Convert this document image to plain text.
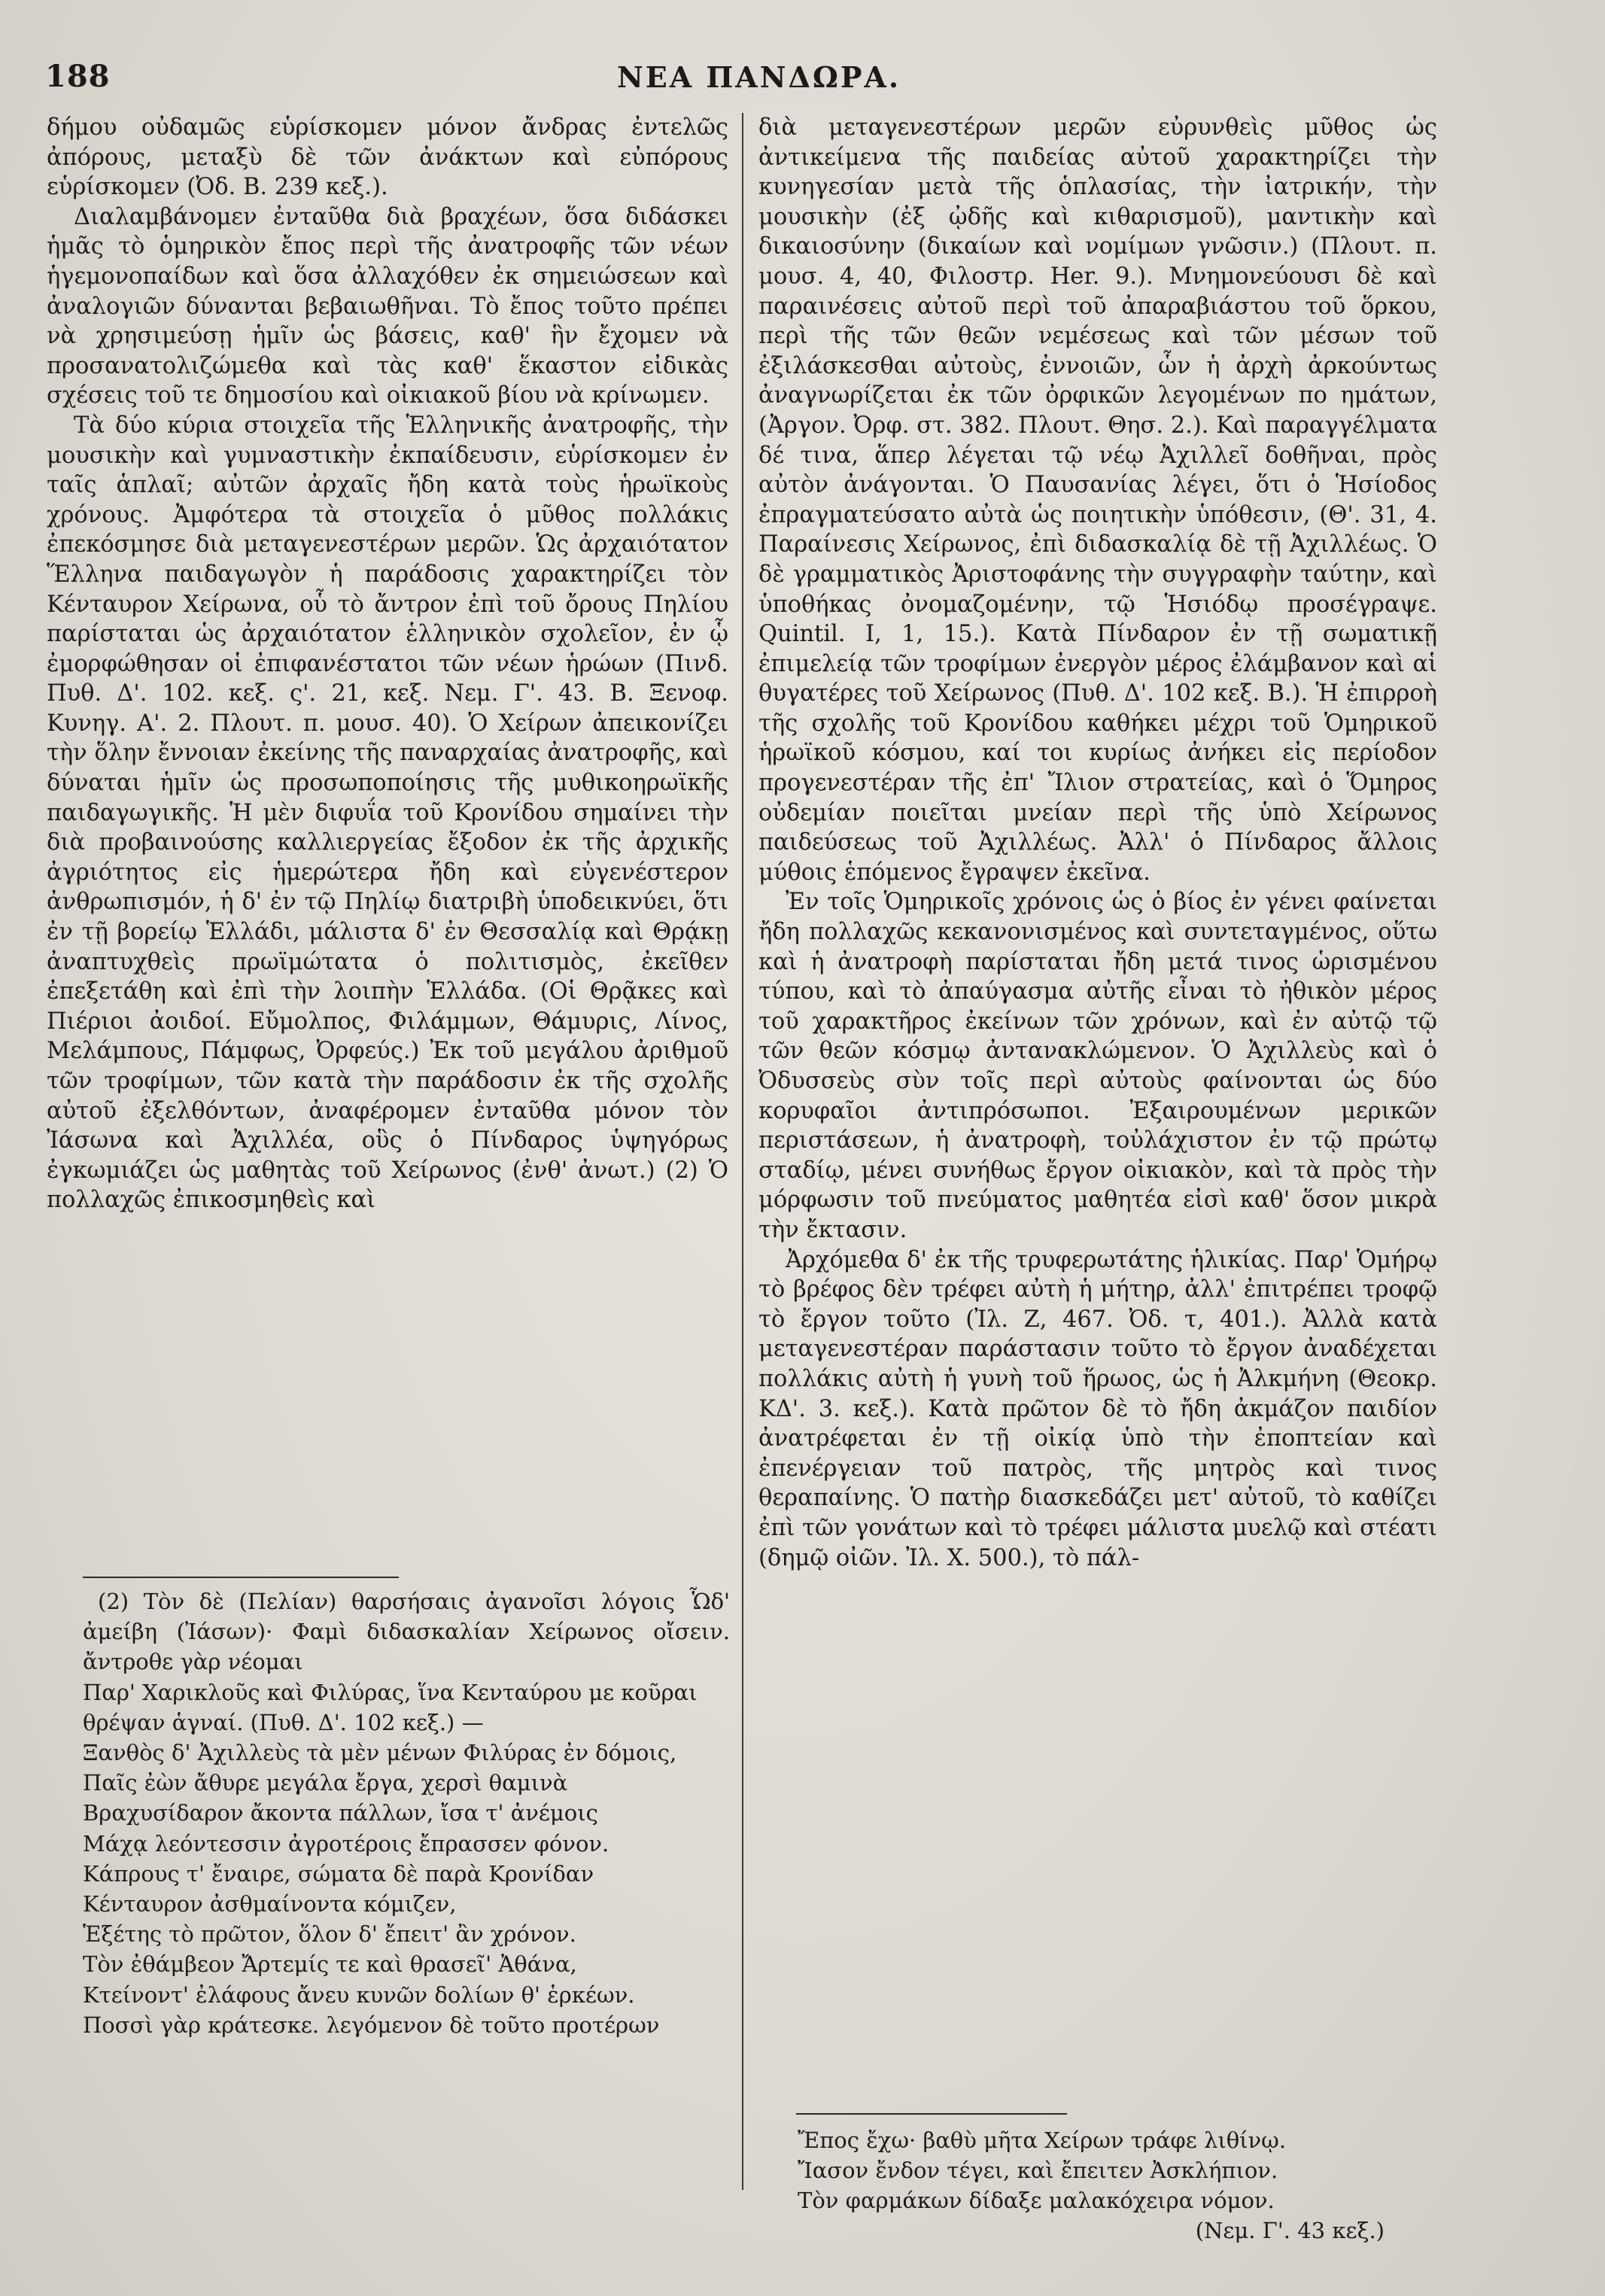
188	ΝΕΑ ΠΑΝΔΩΡΑ.

δήμου οὐδαμῶς εὑρίσκομεν μόνον ἄνδρας ἐντελῶς ἀπόρους, μεταξὺ δὲ τῶν ἀνάκτων καὶ εὐπόρους εὑρίσκομεν (Ὀδ. Β. 239 κεξ.).

Διαλαμβάνομεν ἐνταῦθα διὰ βραχέων, ὅσα διδάσκει ἡμᾶς τὸ ὁμηρικὸν ἔπος περὶ τῆς ἀνατροφῆς τῶν νέων ἡγεμονοπαίδων καὶ ὅσα ἀλλαχόθεν ἐκ σημειώσεων καὶ ἀναλογιῶν δύνανται βεβαιωθῆναι. Τὸ ἔπος τοῦτο πρέπει νὰ χρησιμεύσῃ ἡμῖν ὡς βάσεις, καθ' ἣν ἔχομεν νὰ προσανατολιζώμεθα καὶ τὰς καθ' ἕκαστον εἰδικὰς σχέσεις τοῦ τε δημοσίου καὶ οἰκιακοῦ βίου νὰ κρίνωμεν.

Τὰ δύο κύρια στοιχεῖα τῆς Ἑλληνικῆς ἀνατροφῆς, τὴν μουσικὴν καὶ γυμναστικὴν ἐκπαίδευσιν, εὑρίσκομεν ἐν ταῖς ἁπλαῖ; αὐτῶν ἀρχαῖς ἤδη κατὰ τοὺς ἡρωϊκοὺς χρόνους. Ἀμφότερα τὰ στοιχεῖα ὁ μῦθος πολλάκις ἐπεκόσμησε διὰ μεταγενεστέρων μερῶν. Ὡς ἀρχαιότατον Ἕλληνα παιδαγωγὸν ἡ παράδοσις χαρακτηρίζει τὸν Κένταυρον Χείρωνα, οὗ τὸ ἄντρον ἐπὶ τοῦ ὄρους Πηλίου παρίσταται ὡς ἀρχαιότατον ἑλληνικὸν σχολεῖον, ἐν ᾧ ἐμορφώθησαν οἱ ἐπιφανέστατοι τῶν νέων ἡρώων (Πινδ. Πυθ. Δ'. 102. κεξ. ς'. 21, κεξ. Νεμ. Γ'. 43. Β. Ξενοφ. Κυνηγ. Α'. 2. Πλουτ. π. μουσ. 40). Ὁ Χείρων ἀπεικονίζει τὴν ὅλην ἔννοιαν ἐκείνης τῆς παναρχαίας ἀνατροφῆς, καὶ δύναται ἡμῖν ὡς προσωποποίησις τῆς μυθικοηρωϊκῆς παιδαγωγικῆς. Ἡ μὲν διφυΐα τοῦ Κρονίδου σημαίνει τὴν διὰ προβαινούσης καλλιεργείας ἔξοδον ἐκ τῆς ἀρχικῆς ἀγριότητος εἰς ἡμερώτερα ἤδη καὶ εὐγενέστερον ἀνθρωπισμόν, ἡ δ' ἐν τῷ Πηλίῳ διατριβὴ ὑποδεικνύει, ὅτι ἐν τῇ βορείῳ Ἑλλάδι, μάλιστα δ' ἐν Θεσσαλίᾳ καὶ Θρᾴκῃ ἀναπτυχθεὶς πρωϊμώτατα ὁ πολιτισμὸς, ἐκεῖθεν ἐπεξετάθη καὶ ἐπὶ τὴν λοιπὴν Ἑλλάδα. (Οἱ Θρᾷκες καὶ Πιέριοι ἀοιδοί. Εὔμολπος, Φιλάμμων, Θάμυρις, Λίνος, Μελάμπους, Πάμφως, Ὀρφεύς.) Ἐκ τοῦ μεγάλου ἀριθμοῦ τῶν τροφίμων, τῶν κατὰ τὴν παράδοσιν ἐκ τῆς σχολῆς αὐτοῦ ἐξελθόντων, ἀναφέρομεν ἐνταῦθα μόνον τὸν Ἰάσωνα καὶ Ἀχιλλέα, οὓς ὁ Πίνδαρος ὑψηγόρως ἐγκωμιάζει ὡς μαθητὰς τοῦ Χείρωνος (ἐνθ' ἀνωτ.) (2) Ὁ πολλαχῶς ἐπικοσμηθεὶς καὶ

(2) Τὸν δὲ (Πελίαν) θαρσήσαις ἀγανοῖσι λόγοις Ὧδ' ἀμείβη (Ἰάσων)· Φαμὶ διδασκαλίαν Χείρωνος οἴσειν. ἄντροθε γὰρ νέομαι

Παρ' Χαρικλοῦς καὶ Φιλύρας, ἵνα Κενταύρου με κοῦραι θρέψαν ἁγναί. (Πυθ. Δ'. 102 κεξ.) —

Ξανθὸς δ' Ἀχιλλεὺς τὰ μὲν μένων Φιλύρας ἐν δόμοις,

Παῖς ἐὼν ἄθυρε μεγάλα ἔργα, χερσὶ θαμινὰ

Βραχυσίδαρον ἄκοντα πάλλων, ἴσα τ' ἀνέμοις

Μάχᾳ λεόντεσσιν ἀγροτέροις ἔπρασσεν φόνον.

Κάπρους τ' ἔναιρε, σώματα δὲ παρὰ Κρονίδαν

Κένταυρον ἀσθμαίνοντα κόμιζεν,

Ἑξέτης τὸ πρῶτον, ὅλον δ' ἔπειτ' ἂν χρόνον.

Τὸν ἐθάμβεον Ἄρτεμίς τε καὶ θρασεῖ' Ἀθάνα,

Κτείνοντ' ἐλάφους ἄνευ κυνῶν δολίων θ' ἑρκέων.

Ποσσὶ γὰρ κράτεσκε. λεγόμενον δὲ τοῦτο προτέρων

διὰ μεταγενεστέρων μερῶν εὐρυνθεὶς μῦθος ὡς ἀντικείμενα τῆς παιδείας αὐτοῦ χαρακτηρίζει τὴν κυνηγεσίαν μετὰ τῆς ὁπλασίας, τὴν ἰατρικήν, τὴν μουσικὴν (ἐξ ᾠδῆς καὶ κιθαρισμοῦ), μαντικὴν καὶ δικαιοσύνην (δικαίων καὶ νομίμων γνῶσιν.) (Πλουτ. π. μουσ. 4, 40, Φιλοστρ. Her. 9.). Μνημονεύουσι δὲ καὶ παραινέσεις αὐτοῦ περὶ τοῦ ἀπαραβιάστου τοῦ ὅρκου, περὶ τῆς τῶν θεῶν νεμέσεως καὶ τῶν μέσων τοῦ ἐξιλάσκεσθαι αὐτοὺς, ἐννοιῶν, ὧν ἡ ἀρχὴ ἀρκούντως ἀναγνωρίζεται ἐκ τῶν ὀρφικῶν λεγομένων πο ημάτων, (Ἀργον. Ὀρφ. στ. 382. Πλουτ. Θησ. 2.). Καὶ παραγγέλματα δέ τινα, ἅπερ λέγεται τῷ νέῳ Ἀχιλλεῖ δοθῆναι, πρὸς αὐτὸν ἀνάγονται. Ὁ Παυσανίας λέγει, ὅτι ὁ Ἡσίοδος ἐπραγματεύσατο αὐτὰ ὡς ποιητικὴν ὑπόθεσιν, (Θ'. 31, 4. Παραίνεσις Χείρωνος, ἐπὶ διδασκαλίᾳ δὲ τῇ Ἀχιλλέως. Ὁ δὲ γραμματικὸς Ἀριστοφάνης τὴν συγγραφὴν ταύτην, καὶ ὑποθήκας ὀνομαζομένην, τῷ Ἡσιόδῳ προσέγραψε. Quintil. I, 1, 15.). Κατὰ Πίνδαρον ἐν τῇ σωματικῇ ἐπιμελείᾳ τῶν τροφίμων ἐνεργὸν μέρος ἐλάμβανον καὶ αἱ θυγατέρες τοῦ Χείρωνος (Πυθ. Δ'. 102 κεξ. Β.). Ἡ ἐπιρροὴ τῆς σχολῆς τοῦ Κρονίδου καθήκει μέχρι τοῦ Ὁμηρικοῦ ἡρωϊκοῦ κόσμου, καί τοι κυρίως ἀνήκει εἰς περίοδον προγενεστέραν τῆς ἐπ' Ἴλιον στρατείας, καὶ ὁ Ὅμηρος οὐδεμίαν ποιεῖται μνείαν περὶ τῆς ὑπὸ Χείρωνος παιδεύσεως τοῦ Ἀχιλλέως. Ἀλλ' ὁ Πίνδαρος ἄλλοις μύθοις ἑπόμενος ἔγραψεν ἐκεῖνα.

Ἐν τοῖς Ὁμηρικοῖς χρόνοις ὡς ὁ βίος ἐν γένει φαίνεται ἤδη πολλαχῶς κεκανονισμένος καὶ συντεταγμένος, οὕτω καὶ ἡ ἀνατροφὴ παρίσταται ἤδη μετά τινος ὡρισμένου τύπου, καὶ τὸ ἀπαύγασμα αὐτῆς εἶναι τὸ ἠθικὸν μέρος τοῦ χαρακτῆρος ἐκείνων τῶν χρόνων, καὶ ἐν αὐτῷ τῷ τῶν θεῶν κόσμῳ ἀντανακλώμενον. Ὁ Ἀχιλλεὺς καὶ ὁ Ὀδυσσεὺς σὺν τοῖς περὶ αὐτοὺς φαίνονται ὡς δύο κορυφαῖοι ἀντιπρόσωποι. Ἐξαιρουμένων μερικῶν περιστάσεων, ἡ ἀνατροφὴ, τοὐλάχιστον ἐν τῷ πρώτῳ σταδίῳ, μένει συνήθως ἔργον οἰκιακὸν, καὶ τὰ πρὸς τὴν μόρφωσιν τοῦ πνεύματος μαθητέα εἰσὶ καθ' ὅσον μικρὰ τὴν ἔκτασιν.

Ἀρχόμεθα δ' ἐκ τῆς τρυφερωτάτης ἡλικίας. Παρ' Ὁμήρῳ τὸ βρέφος δὲν τρέφει αὐτὴ ἡ μήτηρ, ἀλλ' ἐπιτρέπει τροφῷ τὸ ἔργον τοῦτο (Ἰλ. Ζ, 467. Ὀδ. τ, 401.). Ἀλλὰ κατὰ μεταγενεστέραν παράστασιν τοῦτο τὸ ἔργον ἀναδέχεται πολλάκις αὐτὴ ἡ γυνὴ τοῦ ἥρωος, ὡς ἡ Ἀλκμήνη (Θεοκρ. ΚΔ'. 3. κεξ.). Κατὰ πρῶτον δὲ τὸ ἤδη ἀκμάζον παιδίον ἀνατρέφεται ἐν τῇ οἰκίᾳ ὑπὸ τὴν ἐποπτείαν καὶ ἐπενέργειαν τοῦ πατρὸς, τῆς μητρὸς καὶ τινος θεραπαίνης. Ὁ πατὴρ διασκεδάζει μετ' αὐτοῦ, τὸ καθίζει ἐπὶ τῶν γονάτων καὶ τὸ τρέφει μάλιστα μυελῷ καὶ στέατι (δημῷ οἰῶν. Ἰλ. Χ. 500.), τὸ πάλ-

Ἔπος ἔχω· βαθὺ μῆτα Χείρων τράφε λιθίνῳ.

Ἴασον ἔνδον τέγει, καὶ ἔπειτεν Ἀσκλήπιον.

Τὸν φαρμάκων δίδαξε μαλακόχειρα νόμον.

(Νεμ. Γ'. 43 κεξ.)
